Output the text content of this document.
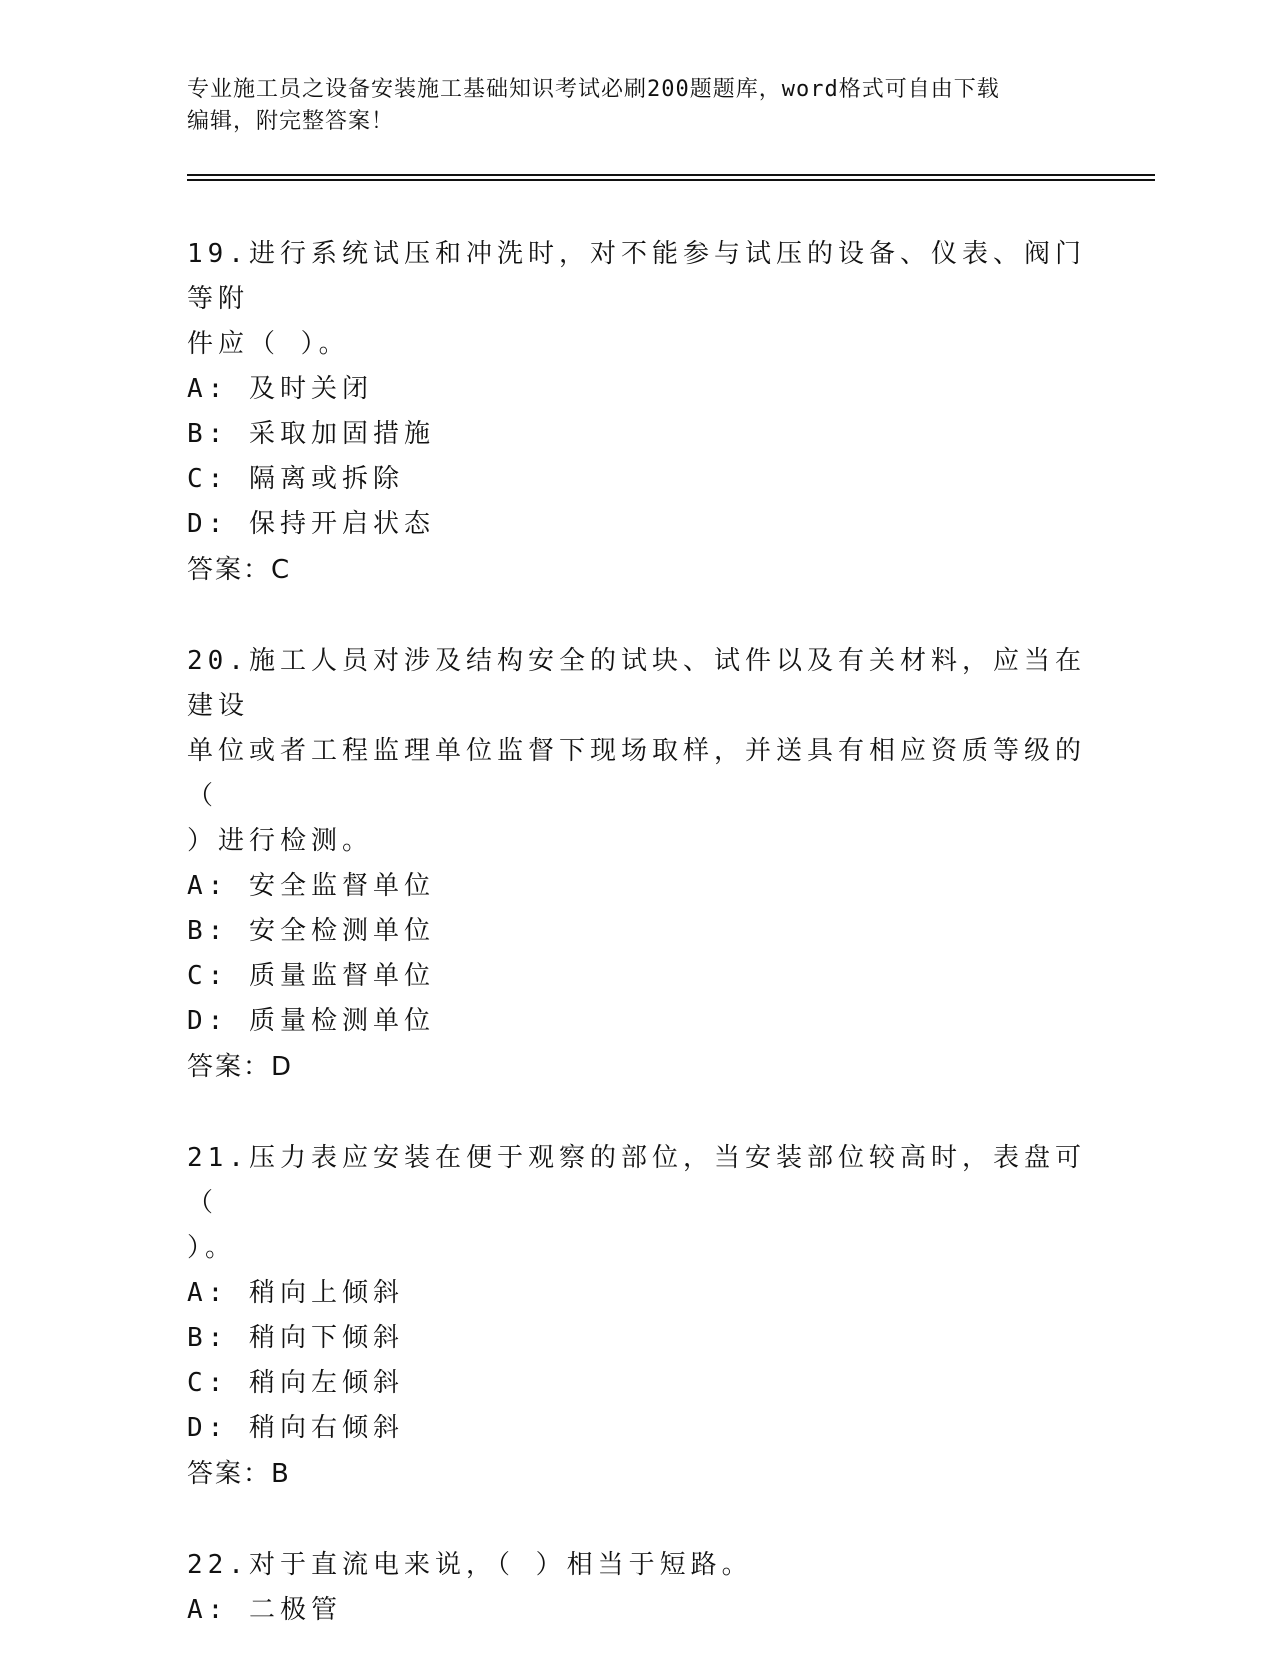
专业施工员之设备安装施工基础知识考试必刷200题题库，word格式可自由下载
编辑，附完整答案！

19.进行系统试压和冲洗时，对不能参与试压的设备、仪表、阀门等附

件应（ ）。

A: 及时关闭

B: 采取加固措施

C: 隔离或拆除

D: 保持开启状态

答案：C

20.施工人员对涉及结构安全的试块、试件以及有关材料，应当在建设

单位或者工程监理单位监督下现场取样，并送具有相应资质等级的（

）进行检测。

A: 安全监督单位

B: 安全检测单位

C: 质量监督单位

D: 质量检测单位

答案：D

21.压力表应安装在便于观察的部位，当安装部位较高时，表盘可（

）。

A: 稍向上倾斜

B: 稍向下倾斜

C: 稍向左倾斜

D: 稍向右倾斜

答案：B

22.对于直流电来说，（ ）相当于短路。

A: 二极管
